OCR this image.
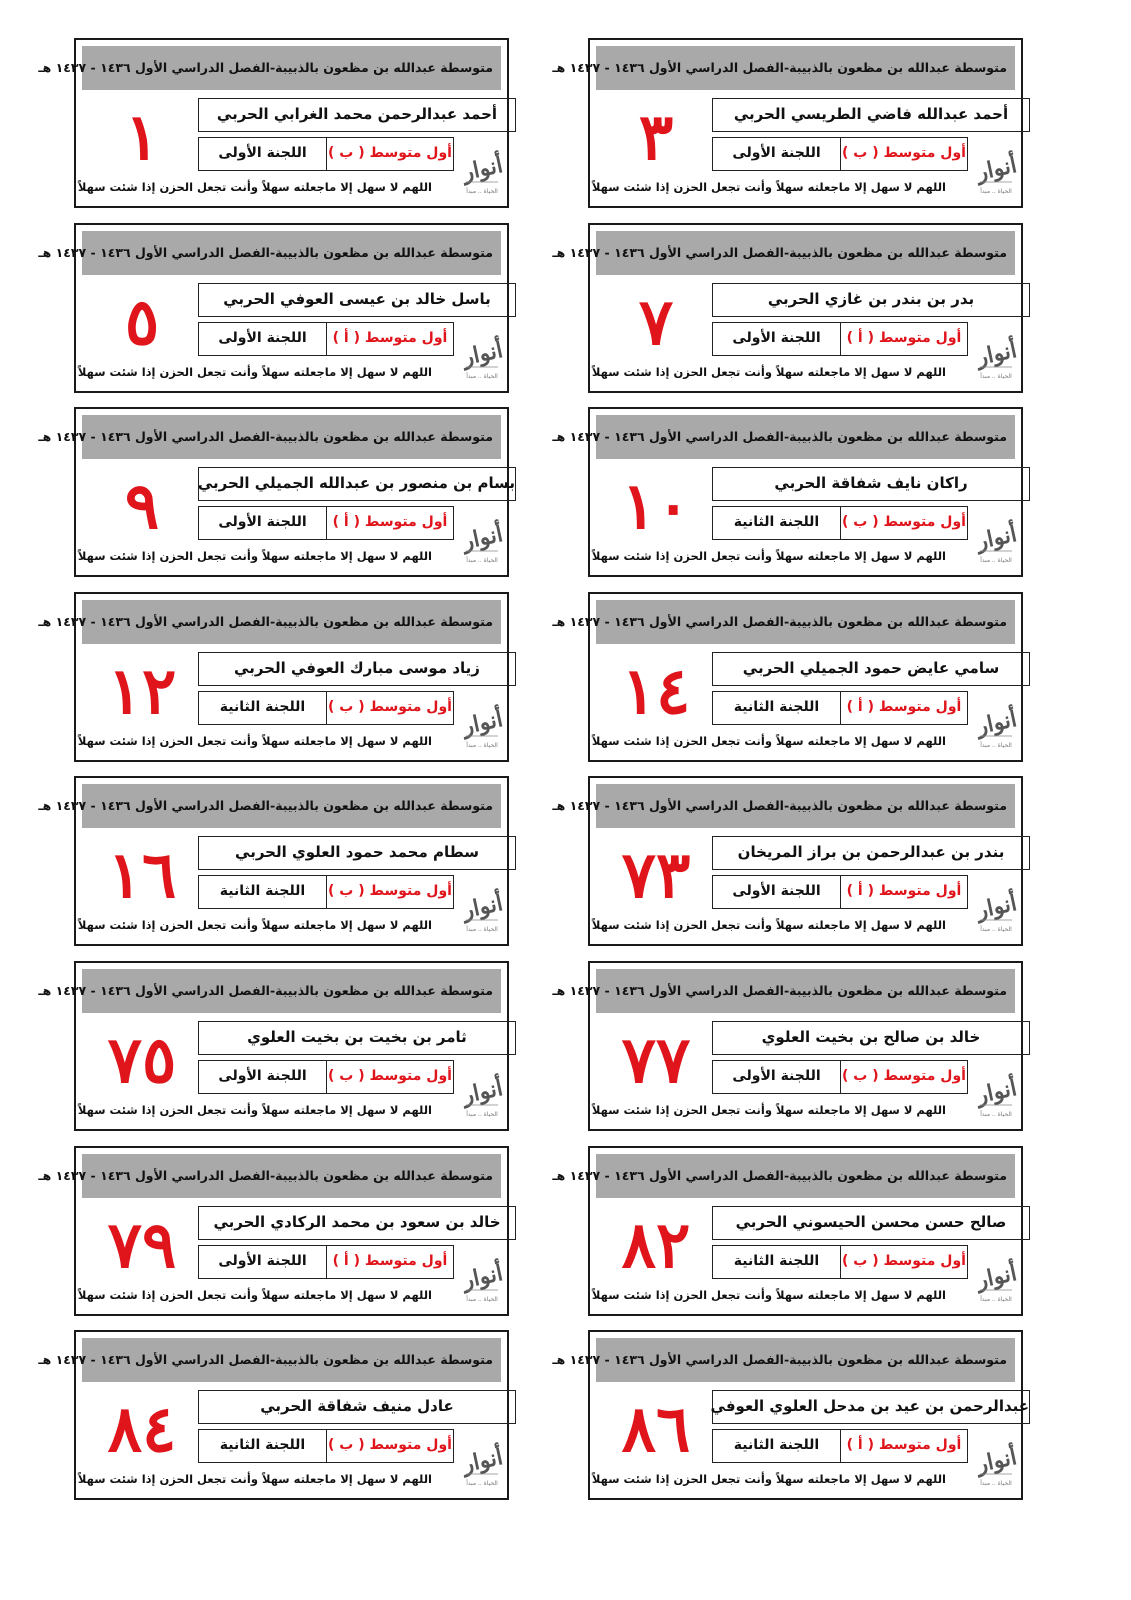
متوسطة عبدالله بن مظعون بالذبيبة-الفصل الدراسي الأول ١٤٣٦ - ١٤٣٧ هـ
أحمد عبدالرحمن محمد الغرابي الحربي
أول متوسط ( ب )
اللجنة الأولى
١
اللهم لا سهل إلا ماجعلته سهلاً وأنت تجعل الحزن إذا شئت سهلاً
أنوار
الحياة .. مبدأ
متوسطة عبدالله بن مظعون بالذبيبة-الفصل الدراسي الأول ١٤٣٦ - ١٤٣٧ هـ
أحمد عبدالله فاضي الطريسي الحربي
أول متوسط ( ب )
اللجنة الأولى
٣
اللهم لا سهل إلا ماجعلته سهلاً وأنت تجعل الحزن إذا شئت سهلاً
أنوار
الحياة .. مبدأ
متوسطة عبدالله بن مظعون بالذبيبة-الفصل الدراسي الأول ١٤٣٦ - ١٤٣٧ هـ
باسل خالد بن عيسى العوفي الحربي
أول متوسط ( أ )
اللجنة الأولى
٥
اللهم لا سهل إلا ماجعلته سهلاً وأنت تجعل الحزن إذا شئت سهلاً
أنوار
الحياة .. مبدأ
متوسطة عبدالله بن مظعون بالذبيبة-الفصل الدراسي الأول ١٤٣٦ - ١٤٣٧ هـ
بدر بن بندر بن غازي الحربي
أول متوسط ( أ )
اللجنة الأولى
٧
اللهم لا سهل إلا ماجعلته سهلاً وأنت تجعل الحزن إذا شئت سهلاً
أنوار
الحياة .. مبدأ
متوسطة عبدالله بن مظعون بالذبيبة-الفصل الدراسي الأول ١٤٣٦ - ١٤٣٧ هـ
بسام بن منصور بن عبدالله الجميلي الحربي
أول متوسط ( أ )
اللجنة الأولى
٩
اللهم لا سهل إلا ماجعلته سهلاً وأنت تجعل الحزن إذا شئت سهلاً
أنوار
الحياة .. مبدأ
متوسطة عبدالله بن مظعون بالذبيبة-الفصل الدراسي الأول ١٤٣٦ - ١٤٣٧ هـ
راكان نايف شفاقة الحربي
أول متوسط ( ب )
اللجنة الثانية
١٠
اللهم لا سهل إلا ماجعلته سهلاً وأنت تجعل الحزن إذا شئت سهلاً
أنوار
الحياة .. مبدأ
متوسطة عبدالله بن مظعون بالذبيبة-الفصل الدراسي الأول ١٤٣٦ - ١٤٣٧ هـ
زياد موسى مبارك العوفي الحربي
أول متوسط ( ب )
اللجنة الثانية
١٢
اللهم لا سهل إلا ماجعلته سهلاً وأنت تجعل الحزن إذا شئت سهلاً
أنوار
الحياة .. مبدأ
متوسطة عبدالله بن مظعون بالذبيبة-الفصل الدراسي الأول ١٤٣٦ - ١٤٣٧ هـ
سامي عايض حمود الجميلي الحربي
أول متوسط ( أ )
اللجنة الثانية
١٤
اللهم لا سهل إلا ماجعلته سهلاً وأنت تجعل الحزن إذا شئت سهلاً
أنوار
الحياة .. مبدأ
متوسطة عبدالله بن مظعون بالذبيبة-الفصل الدراسي الأول ١٤٣٦ - ١٤٣٧ هـ
سطام محمد حمود العلوي الحربي
أول متوسط ( ب )
اللجنة الثانية
١٦
اللهم لا سهل إلا ماجعلته سهلاً وأنت تجعل الحزن إذا شئت سهلاً
أنوار
الحياة .. مبدأ
متوسطة عبدالله بن مظعون بالذبيبة-الفصل الدراسي الأول ١٤٣٦ - ١٤٣٧ هـ
بندر بن عبدالرحمن بن براز المريخان
أول متوسط ( أ )
اللجنة الأولى
٧٣
اللهم لا سهل إلا ماجعلته سهلاً وأنت تجعل الحزن إذا شئت سهلاً
أنوار
الحياة .. مبدأ
متوسطة عبدالله بن مظعون بالذبيبة-الفصل الدراسي الأول ١٤٣٦ - ١٤٣٧ هـ
ثامر بن بخيت بن بخيت العلوي
أول متوسط ( ب )
اللجنة الأولى
٧٥
اللهم لا سهل إلا ماجعلته سهلاً وأنت تجعل الحزن إذا شئت سهلاً
أنوار
الحياة .. مبدأ
متوسطة عبدالله بن مظعون بالذبيبة-الفصل الدراسي الأول ١٤٣٦ - ١٤٣٧ هـ
خالد بن صالح بن بخيت العلوي
أول متوسط ( ب )
اللجنة الأولى
٧٧
اللهم لا سهل إلا ماجعلته سهلاً وأنت تجعل الحزن إذا شئت سهلاً
أنوار
الحياة .. مبدأ
متوسطة عبدالله بن مظعون بالذبيبة-الفصل الدراسي الأول ١٤٣٦ - ١٤٣٧ هـ
خالد بن سعود بن محمد الركادي الحربي
أول متوسط ( أ )
اللجنة الأولى
٧٩
اللهم لا سهل إلا ماجعلته سهلاً وأنت تجعل الحزن إذا شئت سهلاً
أنوار
الحياة .. مبدأ
متوسطة عبدالله بن مظعون بالذبيبة-الفصل الدراسي الأول ١٤٣٦ - ١٤٣٧ هـ
صالح حسن محسن الحيسوني الحربي
أول متوسط ( ب )
اللجنة الثانية
٨٢
اللهم لا سهل إلا ماجعلته سهلاً وأنت تجعل الحزن إذا شئت سهلاً
أنوار
الحياة .. مبدأ
متوسطة عبدالله بن مظعون بالذبيبة-الفصل الدراسي الأول ١٤٣٦ - ١٤٣٧ هـ
عادل منيف شفاقة الحربي
أول متوسط ( ب )
اللجنة الثانية
٨٤
اللهم لا سهل إلا ماجعلته سهلاً وأنت تجعل الحزن إذا شئت سهلاً
أنوار
الحياة .. مبدأ
متوسطة عبدالله بن مظعون بالذبيبة-الفصل الدراسي الأول ١٤٣٦ - ١٤٣٧ هـ
عبدالرحمن بن عيد بن مدحل العلوي العوفي
أول متوسط ( أ )
اللجنة الثانية
٨٦
اللهم لا سهل إلا ماجعلته سهلاً وأنت تجعل الحزن إذا شئت سهلاً
أنوار
الحياة .. مبدأ
